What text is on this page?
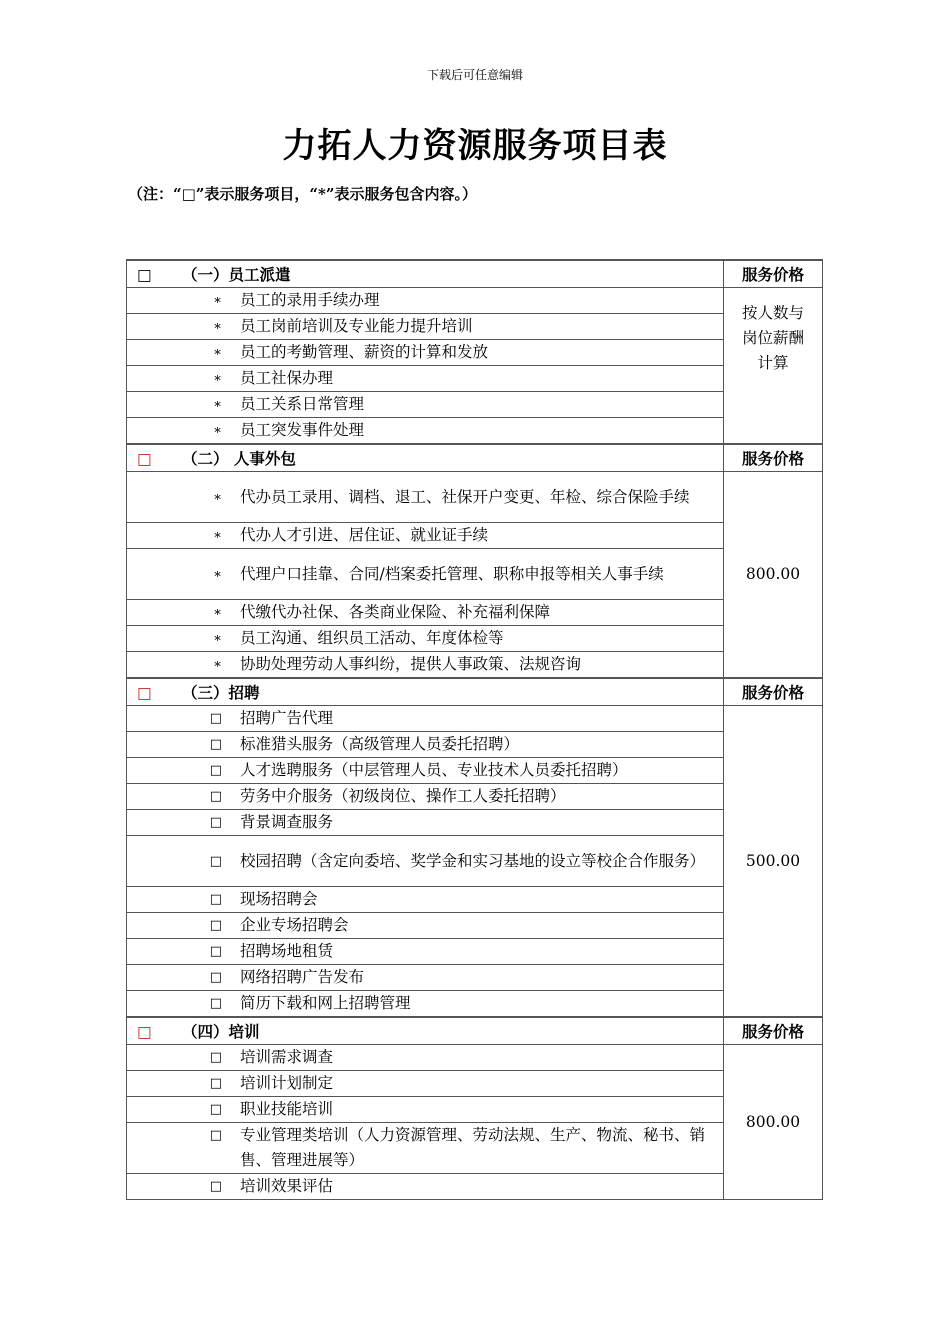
下载后可任意编辑
力拓人力资源服务项目表
（注：“□”表示服务项目，“*”表示服务包含内容。）
□ （一）员工派遣	服务价格

∗ 员工的录用手续办理	按人数与岗位薪酬计算

∗ 员工岗前培训及专业能力提升培训	

∗ 员工的考勤管理、薪资的计算和发放	

∗ 员工社保办理	

∗ 员工关系日常管理	

∗ 员工突发事件处理	

□ （二） 人事外包	服务价格

∗ 代办员工录用、调档、退工、社保开户变更、年检、综合保险手续	800.00

∗ 代办人才引进、居住证、就业证手续	

∗ 代理户口挂靠、合同/档案委托管理、职称申报等相关人事手续	

∗ 代缴代办社保、各类商业保险、补充福利保障	

∗ 员工沟通、组织员工活动、年度体检等	

∗ 协助处理劳动人事纠纷，提供人事政策、法规咨询	

□ （三）招聘	服务价格

□ 招聘广告代理	500.00

□ 标准猎头服务（高级管理人员委托招聘）	

□ 人才选聘服务（中层管理人员、专业技术人员委托招聘）	

□ 劳务中介服务（初级岗位、操作工人委托招聘）	

□ 背景调查服务	

□ 校园招聘（含定向委培、奖学金和实习基地的设立等校企合作服务）	

□ 现场招聘会	

□ 企业专场招聘会	

□ 招聘场地租赁	

□ 网络招聘广告发布	

□ 简历下载和网上招聘管理	

□ （四）培训	服务价格

□ 培训需求调查	800.00

□ 培训计划制定	

□ 职业技能培训	

□ 专业管理类培训（人力资源管理、劳动法规、生产、物流、秘书、销售、管理进展等）	

□ 培训效果评估	
